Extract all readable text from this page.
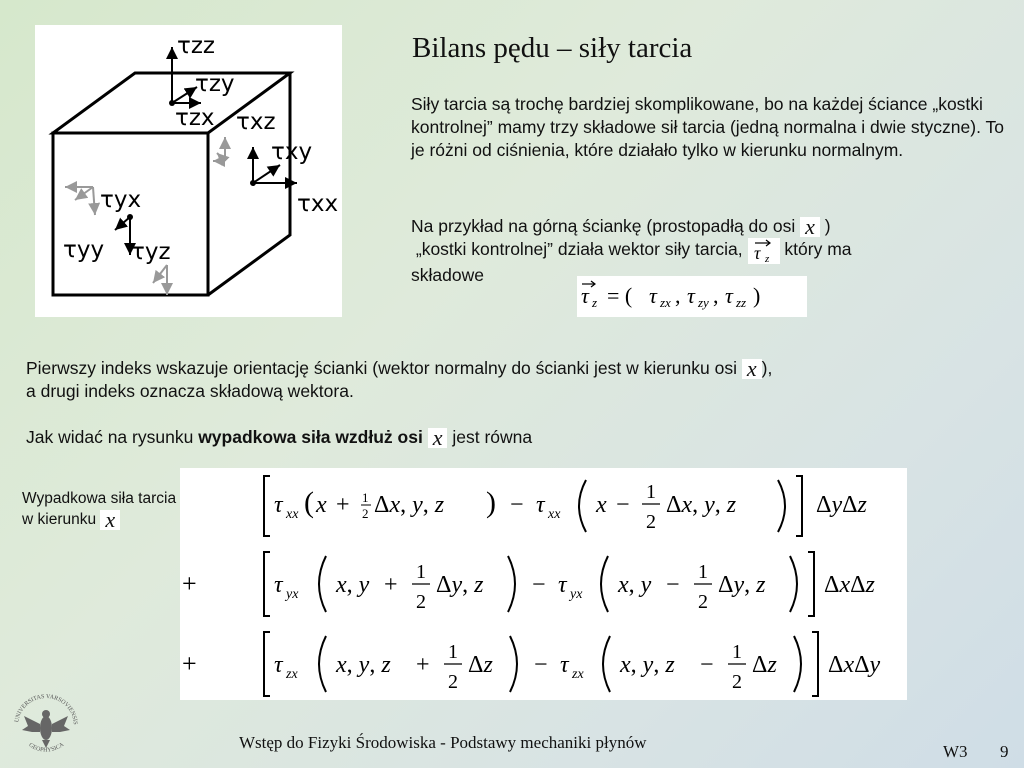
Bilans pędu – siły tarcia
τzz
τzy
τzx τxz
τxy
τxx
τyx
τyy τyz
Siły tarcia są trochę bardziej skomplikowane, bo na każdej ściance „kostki kontrolnej” mamy trzy składowe sił tarcia (jedną normalna i dwie styczne). To je różni od ciśnienia, które działało tylko w kierunku normalnym.
Na przykład na górną ściankę (prostopadłą do osi x )
„kostki kontrolnej” działa wektor siły tarcia, τ z który ma
składowe
τ z = ( τ zx , τ zy , τ zz )
Pierwszy indeks wskazuje orientację ścianki (wektor normalny do ścianki jest w kierunku osi x ),
a drugi indeks oznacza składową wektora.
Jak widać na rysunku wypadkowa siła wzdłuż osi x jest równa
Wypadkowa siła tarcia
w kierunku x
τ xx ( x + 1
2 Δx, y, z ) − τ xx x − 1
2
Δx, y, z	ΔyΔz
+	τ yx x, y + 1
2
Δy, z − τ yx x, y − 1
2
Δy, z ΔxΔz
+	τ zx x, y, z + 1
2
Δz − τ zx x, y, z − 1
2
Δz ΔxΔy
UNIVERSITAS VARSOVIENSIS
GEOPHYSICA	Wstęp do Fizyki Środowiska - Podstawy mechaniki płynów	W3 9
